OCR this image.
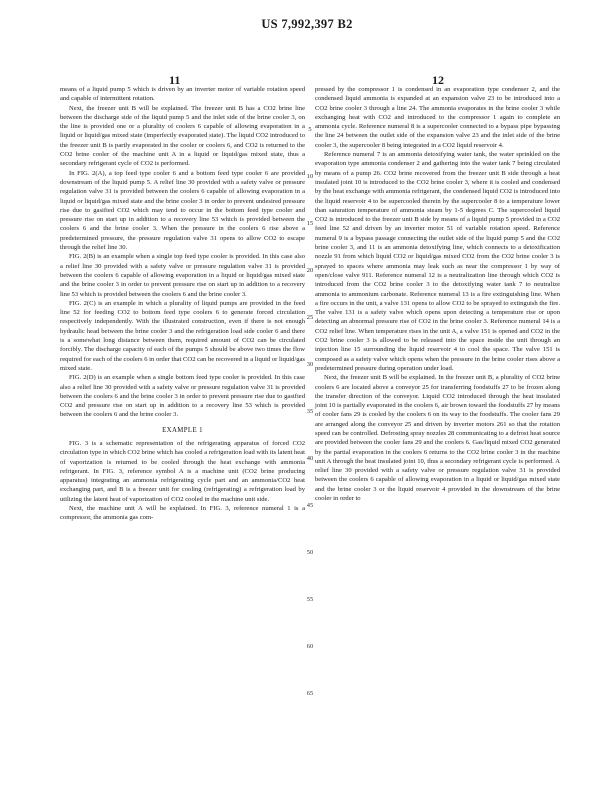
US 7,992,397 B2
11	12

means of a liquid pump 5 which is driven by an inverter motor of variable rotation speed and capable of intermittent rotation.

Next, the freezer unit B will be explained. The freezer unit B has a CO2 brine line between the discharge side of the liquid pump 5 and the inlet side of the brine cooler 3, on the line is provided one or a plurality of coolers 6 capable of allowing evaporation in a liquid or liquid/gas mixed state (imperfectly evaporated state). The liquid CO2 introduced to the freezer unit B is partly evaporated in the cooler or coolers 6, and CO2 is returned to the CO2 brine cooler of the machine unit A in a liquid or liquid/gas mixed state, thus a secondary refrigerant cycle of CO2 is performed.

In FIG. 2(A), a top feed type cooler 6 and a bottom feed type cooler 6 are provided downstream of the liquid pump 5. A relief line 30 provided with a safety valve or pressure regulation valve 31 is provided between the coolers 6 capable of allowing evaporation in a liquid or liquid/gas mixed state and the brine cooler 3 in order to prevent undesired pressure rise due to gasified CO2 which may tend to occur in the bottom feed type cooler and pressure rise on start up in addition to a recovery line 53 which is provided between the coolers 6 and the brine cooler 3. When the pressure in the coolers 6 rise above a predetermined pressure, the pressure regulation valve 31 opens to allow CO2 to escape through the relief line 30.

FIG. 2(B) is an example when a single top feed type cooler is provided. In this case also a relief line 30 provided with a safety valve or pressure regulation valve 31 is provided between the coolers 6 capable of allowing evaporation in a liquid or liquid/gas mixed state and the brine cooler 3 in order to prevent pressure rise on start up in addition to a recovery line 53 which is provided between the coolers 6 and the brine cooler 3.

FIG. 2(C) is an example in which a plurality of liquid pumps are provided in the feed line 52 for feeding CO2 to bottom feed type coolers 6 to generate forced circulation respectively independently. With the illustrated construction, even if there is not enough hydraulic head between the brine cooler 3 and the refrigeration load side cooler 6 and there is a somewhat long distance between them, required amount of CO2 can be circulated forcibly. The discharge capacity of each of the pumps 5 should be above two times the flow required for each of the coolers 6 in order that CO2 can be recovered in a liquid or liquid/gas mixed state.

FIG. 2(D) is an example when a single bottom feed type cooler is provided. In this case also a relief line 30 provided with a safety valve or pressure regulation valve 31 is provided between the coolers 6 and the brine cooler 3 in order to prevent pressure rise due to gasified CO2 and pressure rise on start up in addition to a recovery line 53 which is provided between the coolers 6 and the brine cooler 3.

EXAMPLE 1

FIG. 3 is a schematic representation of the refrigerating apparatus of forced CO2 circulation type in which CO2 brine which has cooled a refrigeration load with its latent heat of vaporization is returned to be cooled through the heat exchange with ammonia refrigerant. In FIG. 3, reference symbol A is a machine unit (CO2 brine producing apparatus) integrating an ammonia refrigerating cycle part and an ammonia/CO2 heat exchanging part, and B is a freezer unit for cooling (refrigerating) a refrigeration load by utilizing the latent heat of vaporization of CO2 cooled in the machine unit side.

Next, the machine unit A will be explained. In FIG. 3, reference numeral 1 is a compressor, the ammonia gas com-

5
10
15
20
25
30
35
40
45
50
55
60
65

pressed by the compressor 1 is condensed in an evaporation type condenser 2, and the condensed liquid ammonia is expanded at an expansion valve 23 to be introduced into a CO2 brine cooler 3 through a line 24. The ammonia evaporates in the brine cooler 3 while exchanging heat with CO2 and introduced to the compressor 1 again to complete an ammonia cycle. Reference numeral 8 is a supercooler connected to a bypass pipe bypassing the line 24 between the outlet side of the expansion valve 23 and the inlet side of the brine cooler 3, the supercooler 8 being integrated in a CO2 liquid reservoir 4.

Reference numeral 7 is an ammonia detoxifying water tank, the water sprinkled on the evaporation type ammonia condenser 2 and gathering into the water tank 7 being circulated by means of a pump 26. CO2 brine recovered from the freezer unit B side through a heat insulated joint 10 is introduced to the CO2 brine cooler 3, where it is cooled and condensed by the heat exchange with ammonia refrigerant, the condensed liquid CO2 is introduced into the liquid reservoir 4 to be supercooled therein by the supercooler 8 to a temperature lower than saturation temperature of ammonia steam by 1-5 degrees C. The supercooled liquid CO2 is introduced to the freezer unit B side by means of a liquid pump 5 provided in a CO2 feed line 52 and driven by an inverter motor 51 of variable rotation speed. Reference numeral 9 is a bypass passage connecting the outlet side of the liquid pump 5 and the CO2 brine cooler 3, and 11 is an ammonia detoxifying line, which connects to a detoxification nozzle 91 from which liquid CO2 or liquid/gas mixed CO2 from the CO2 brine cooler 3 is sprayed to spaces where ammonia may leak such as near the compressor 1 by way of open/close valve 911. Reference numeral 12 is a neutralization line through which CO2 is introduced from the CO2 brine cooler 3 to the detoxifying water tank 7 to neutralize ammonia to ammonium carbonate. Reference numeral 13 is a fire extinguishing line. When a fire occurs in the unit, a valve 131 opens to allow CO2 to be sprayed to extinguish the fire. The valve 131 is a safety valve which opens upon detecting a temperature rise or upon detecting an abnormal pressure rise of CO2 in the brine cooler 3. Reference numeral 14 is a CO2 relief line. When temperature rises in the unit A, a valve 151 is opened and CO2 in the CO2 brine cooler 3 is allowed to be released into the space inside the unit through an injection line 15 surrounding the liquid reservoir 4 to cool the space. The valve 151 is composed as a safety valve which opens when the pressure in the brine cooler rises above a predetermined pressure during operation under load.

Next, the freezer unit B will be explained. In the freezer unit B, a plurality of CO2 brine coolers 6 are located above a conveyor 25 for transferring foodstuffs 27 to be frozen along the transfer direction of the conveyor. Liquid CO2 introduced through the heat insulated joint 10 is partially evaporated in the coolers 6, air brown toward the foodstuffs 27 by means of cooler fans 29 is cooled by the coolers 6 on its way to the foodstuffs. The cooler fans 29 are arranged along the conveyor 25 and driven by inverter motors 261 so that the rotation speed can be controlled. Defrosting spray nozzles 28 communicating to a defrost heat source are provided between the cooler fans 29 and the coolers 6. Gas/liquid mixed CO2 generated by the partial evaporation in the coolers 6 returns to the CO2 brine cooler 3 in the machine unit A through the heat insulated joint 10, thus a secondary refrigerant cycle is performed. A relief line 30 provided with a safety valve or pressure regulation valve 31 is provided between the coolers 6 capable of allowing evaporation in a liquid or liquid/gas mixed state and the brine cooler 3 or the liquid reservoir 4 provided in the downstream of the brine cooler in order to
